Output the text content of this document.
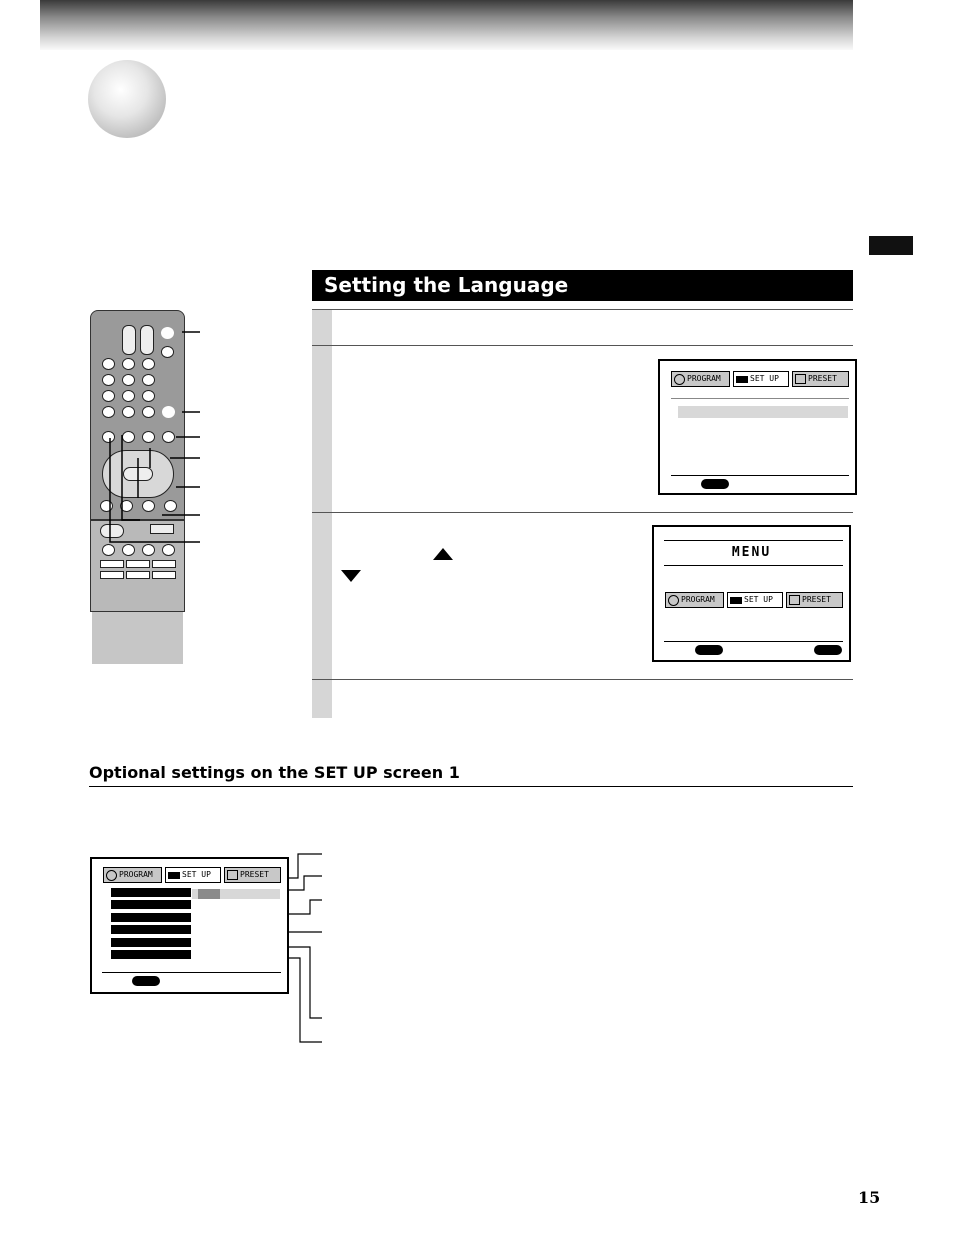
Setting the Language
PROGRAM	SET UP	PRESET
MENU
PROGRAM	SET UP	PRESET
Optional settings on the SET UP screen 1
PROGRAM	SET UP	PRESET
15
